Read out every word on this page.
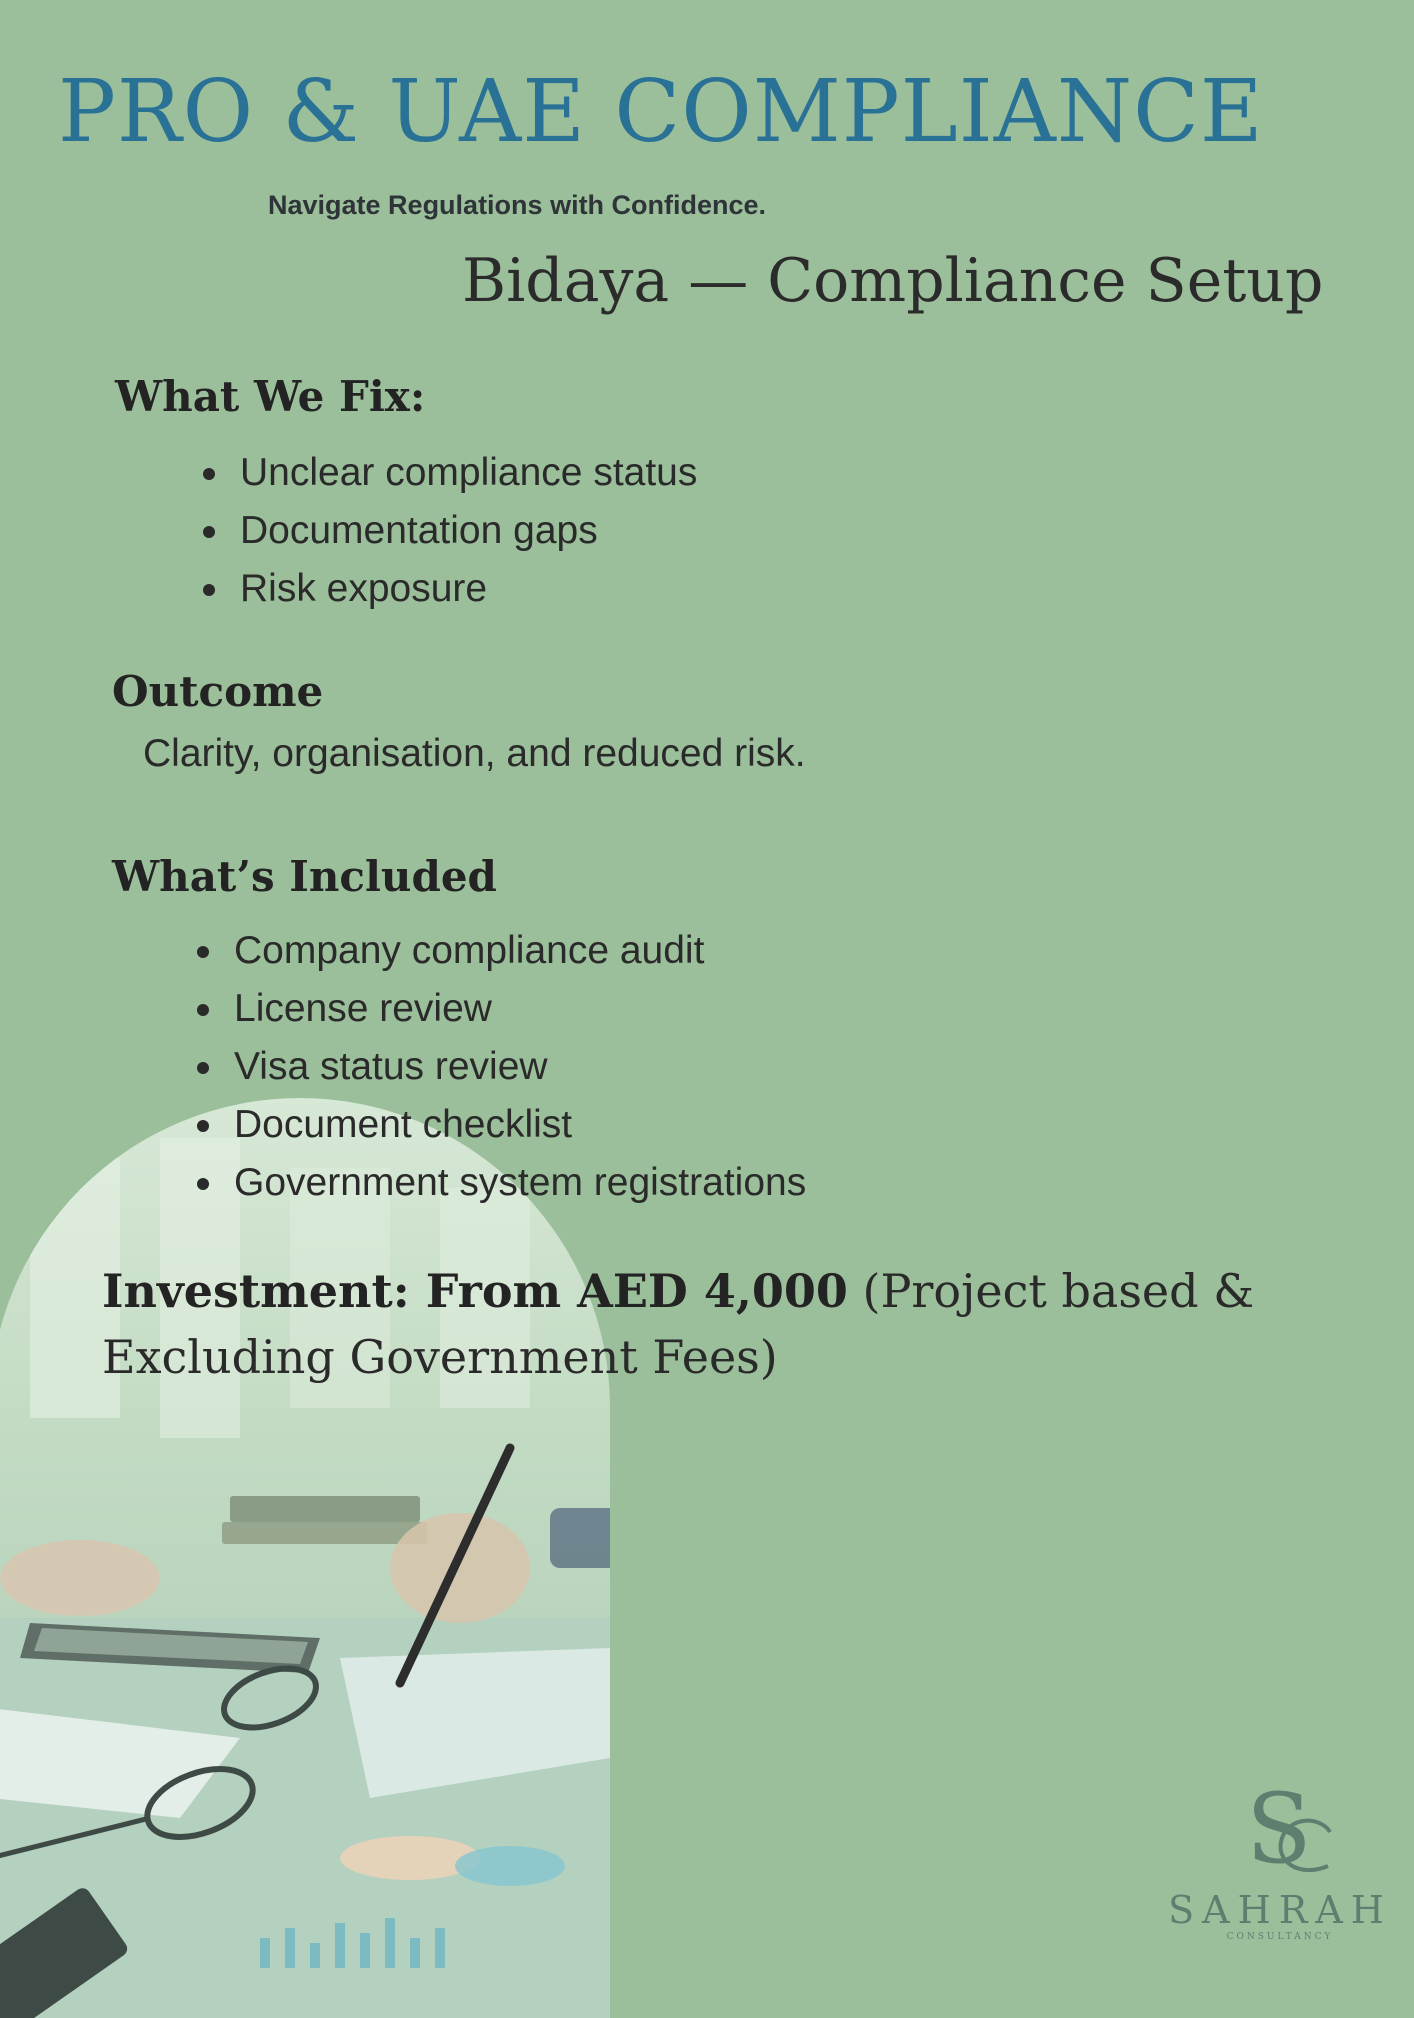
PRO & UAE COMPLIANCE
Navigate Regulations with Confidence.
Bidaya — Compliance Setup
What We Fix:
Unclear compliance status
Documentation gaps
Risk exposure
Outcome
Clarity, organisation, and reduced risk.
What’s Included
Company compliance audit
License review
Visa status review
Document checklist
Government system registrations
Investment: From AED 4,000 (Project based & Excluding Government Fees)
S
SAHRAH
CONSULTANCY
